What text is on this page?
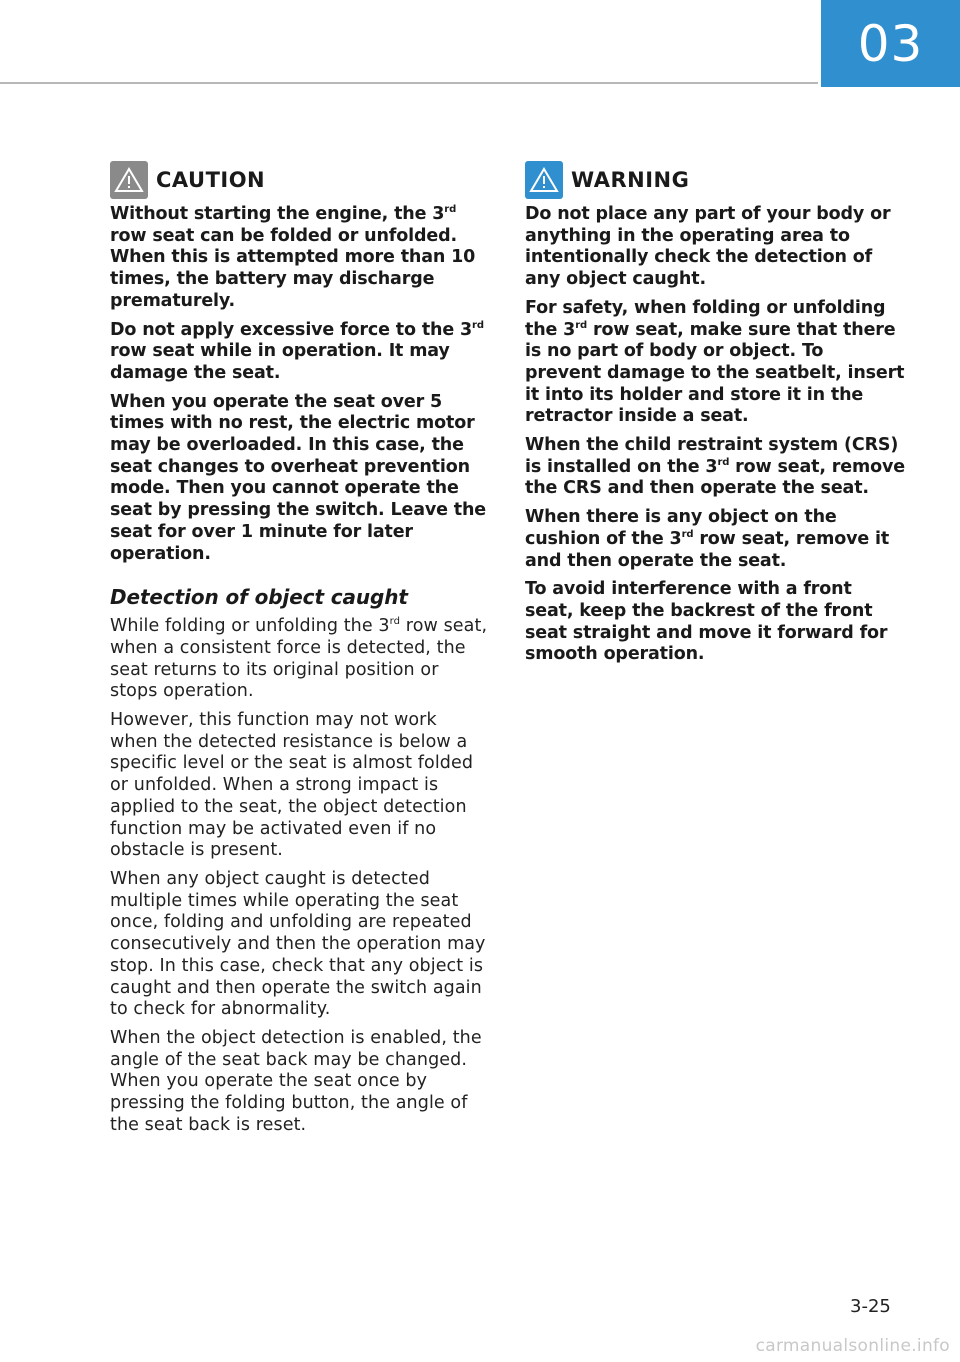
03
CAUTION

Without starting the engine, the 3rd row seat can be folded or unfolded. When this is attempted more than 10 times, the battery may discharge prematurely.

Do not apply excessive force to the 3rd row seat while in operation. It may damage the seat.

When you operate the seat over 5 times with no rest, the electric motor may be overloaded. In this case, the seat changes to overheat prevention mode. Then you cannot operate the seat by pressing the switch. Leave the seat for over 1 minute for later operation.

Detection of object caught

While folding or unfolding the 3rd row seat, when a consistent force is detected, the seat returns to its original position or stops operation.

However, this function may not work when the detected resistance is below a specific level or the seat is almost folded or unfolded. When a strong impact is applied to the seat, the object detection function may be activated even if no obstacle is present.

When any object caught is detected multiple times while operating the seat once, folding and unfolding are repeated consecutively and then the operation may stop. In this case, check that any object is caught and then operate the switch again to check for abnormality.

When the object detection is enabled, the angle of the seat back may be changed. When you operate the seat once by pressing the folding button, the angle of the seat back is reset.

WARNING

Do not place any part of your body or anything in the operating area to intentionally check the detection of any object caught.

For safety, when folding or unfolding the 3rd row seat, make sure that there is no part of body or object. To prevent damage to the seatbelt, insert it into its holder and store it in the retractor inside a seat.

When the child restraint system (CRS) is installed on the 3rd row seat, remove the CRS and then operate the seat.

When there is any object on the cushion of the 3rd row seat, remove it and then operate the seat.

To avoid interference with a front seat, keep the backrest of the front seat straight and move it forward for smooth operation.

3-25
carmanualsonline.info
